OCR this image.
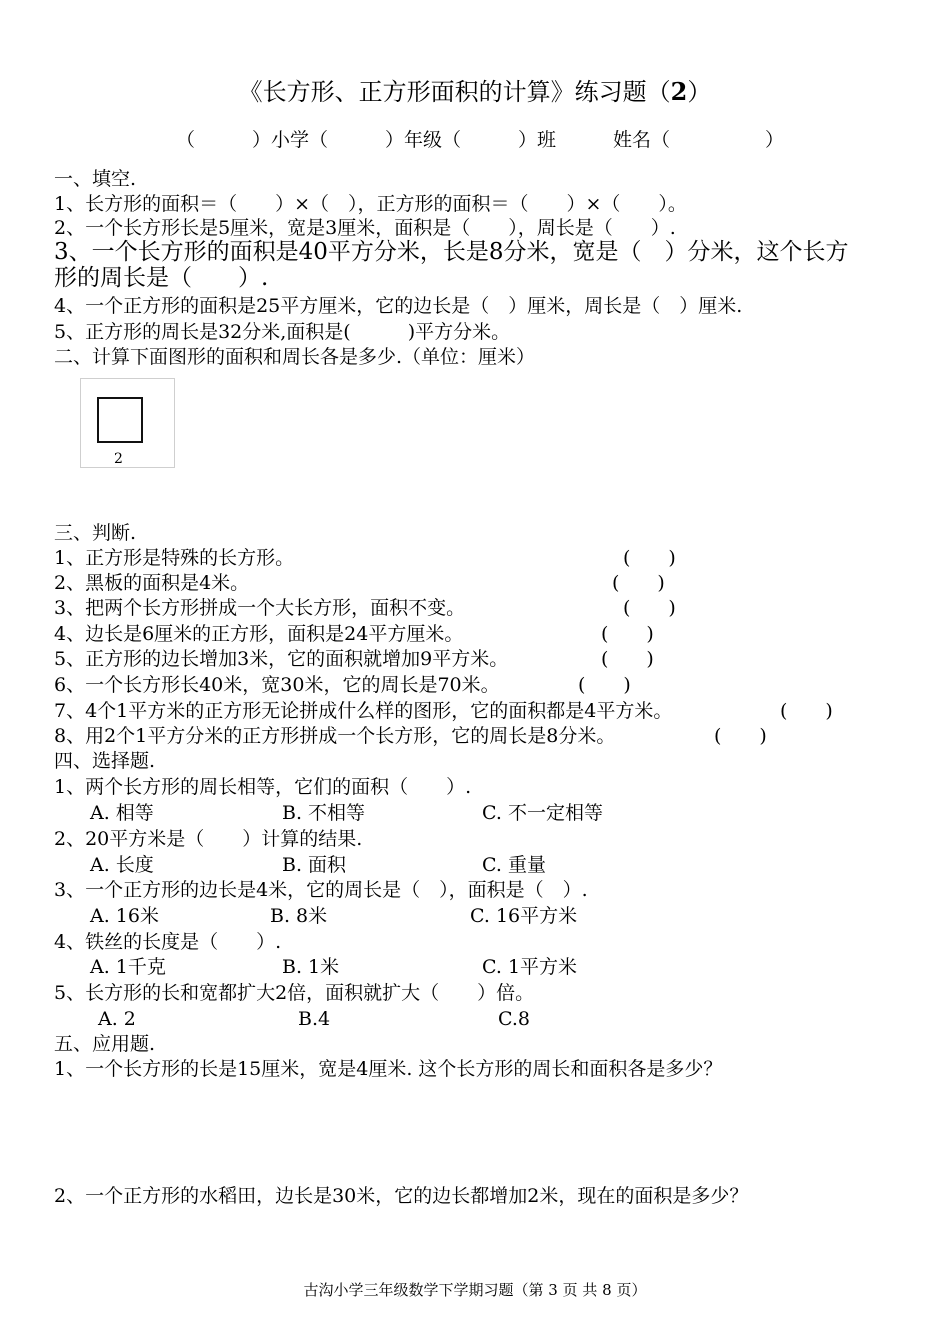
《长方形、正方形面积的计算》练习题（2）
（　　　）小学（　　　）年级（　　　）班　　　姓名（　　　　　）
一、填空.
1、长方形的面积＝（　　）×（　），正方形的面积＝（　　）×（　　）。
2、一个长方形长是5厘米，宽是3厘米，面积是（　　），周长是（　　）.
3、一个长方形的面积是40平方分米，长是8分米，宽是（　）分米，这个长方
形的周长是（　　）.
4、一个正方形的面积是25平方厘米，它的边长是（　）厘米，周长是（　）厘米.
5、正方形的周长是32分米,面积是(　　　)平方分米。
二、计算下面图形的面积和周长各是多少.（单位：厘米）
2
三、判断.
1、正方形是特殊的长方形。	(　　)
2、黑板的面积是4米。	(　　)
3、把两个长方形拼成一个大长方形，面积不变。	(　　)
4、边长是6厘米的正方形，面积是24平方厘米。	(　　)
5、正方形的边长增加3米，它的面积就增加9平方米。	(　　)
6、一个长方形长40米，宽30米，它的周长是70米。	(　　)
7、4个1平方米的正方形无论拼成什么样的图形，它的面积都是4平方米。	(　　)
8、用2个1平方分米的正方形拼成一个长方形，它的周长是8分米。	(　　)
四、选择题.
1、两个长方形的周长相等，它们的面积（　　）.
A. 相等	B. 不相等	C. 不一定相等
2、20平方米是（　　）计算的结果.
A. 长度	B. 面积	C. 重量
3、一个正方形的边长是4米，它的周长是（　），面积是（　）.
A. 16米	B. 8米	C. 16平方米
4、铁丝的长度是（　　）.
A. 1千克	B. 1米	C. 1平方米
5、长方形的长和宽都扩大2倍，面积就扩大（　　）倍。
A. 2	B.4	C.8
五、应用题.
1、一个长方形的长是15厘米，宽是4厘米. 这个长方形的周长和面积各是多少？
2、一个正方形的水稻田，边长是30米，它的边长都增加2米，现在的面积是多少？
古沟小学三年级数学下学期习题（第 3 页 共 8 页）
